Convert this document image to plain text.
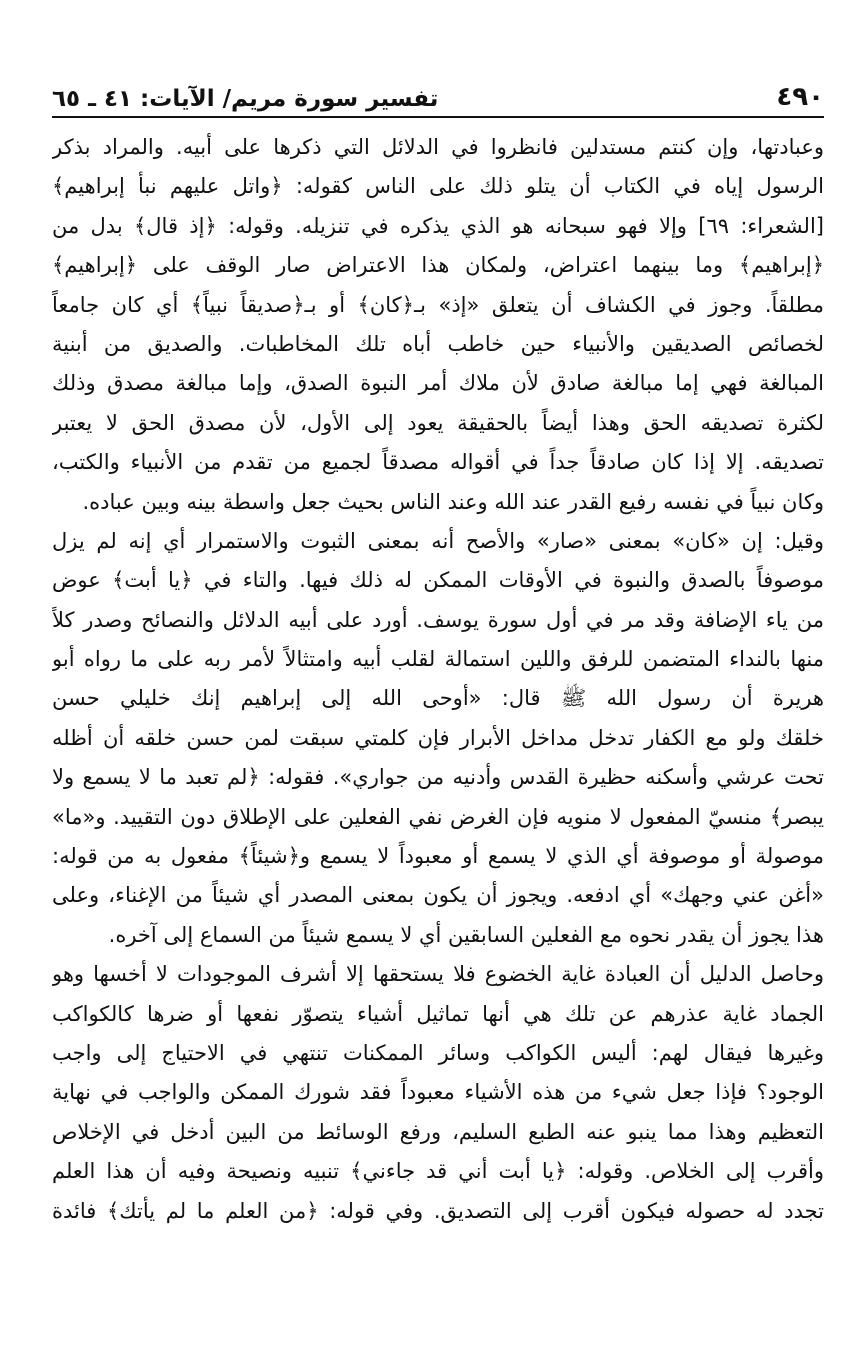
٤٩٠
تفسير سورة مريم/ الآيات: ٤١ ـ ٦٥
وعبادتها، وإن كنتم مستدلين فانظروا في الدلائل التي ذكرها على أبيه. والمراد بذكر
الرسول إياه في الكتاب أن يتلو ذلك على الناس كقوله: ﴿واتل عليهم نبأ إبراهيم﴾
[الشعراء: ٦٩] وإلا فهو سبحانه هو الذي يذكره في تنزيله. وقوله: ﴿إذ قال﴾ بدل من
﴿إبراهيم﴾ وما بينهما اعتراض، ولمكان هذا الاعتراض صار الوقف على ﴿إبراهيم﴾
مطلقاً. وجوز في الكشاف أن يتعلق «إذ» بـ﴿كان﴾ أو بـ﴿صديقاً نبياً﴾ أي كان جامعاً
لخصائص الصديقين والأنبياء حين خاطب أباه تلك المخاطبات. والصديق من أبنية
المبالغة فهي إما مبالغة صادق لأن ملاك أمر النبوة الصدق، وإما مبالغة مصدق وذلك
لكثرة تصديقه الحق وهذا أيضاً بالحقيقة يعود إلى الأول، لأن مصدق الحق لا يعتبر
تصديقه. إلا إذا كان صادقاً جداً في أقواله مصدقاً لجميع من تقدم من الأنبياء والكتب،
وكان نبياً في نفسه رفيع القدر عند الله وعند الناس بحيث جعل واسطة بينه وبين عباده.
وقيل: إن «كان» بمعنى «صار» والأصح أنه بمعنى الثبوت والاستمرار أي إنه لم يزل
موصوفاً بالصدق والنبوة في الأوقات الممكن له ذلك فيها. والتاء في ﴿يا أبت﴾ عوض
من ياء الإضافة وقد مر في أول سورة يوسف. أورد على أبيه الدلائل والنصائح وصدر كلاً
منها بالنداء المتضمن للرفق واللين استمالة لقلب أبيه وامتثالاً لأمر ربه على ما رواه أبو
هريرة أن رسول الله ﷺ قال: «أوحى الله إلى إبراهيم إنك خليلي حسن
خلقك ولو مع الكفار تدخل مداخل الأبرار فإن كلمتي سبقت لمن حسن خلقه أن أظله
تحت عرشي وأسكنه حظيرة القدس وأدنيه من جواري». فقوله: ﴿لم تعبد ما لا يسمع ولا
يبصر﴾ منسيّ المفعول لا منويه فإن الغرض نفي الفعلين على الإطلاق دون التقييد. و«ما»
موصولة أو موصوفة أي الذي لا يسمع أو معبوداً لا يسمع و﴿شيئاً﴾ مفعول به من قوله:
«أغن عني وجهك» أي ادفعه. ويجوز أن يكون بمعنى المصدر أي شيئاً من الإغناء، وعلى
هذا يجوز أن يقدر نحوه مع الفعلين السابقين أي لا يسمع شيئاً من السماع إلى آخره.
وحاصل الدليل أن العبادة غاية الخضوع فلا يستحقها إلا أشرف الموجودات لا أخسها وهو
الجماد غاية عذرهم عن تلك هي أنها تماثيل أشياء يتصوّر نفعها أو ضرها كالكواكب
وغيرها فيقال لهم: أليس الكواكب وسائر الممكنات تنتهي في الاحتياج إلى واجب
الوجود؟ فإذا جعل شيء من هذه الأشياء معبوداً فقد شورك الممكن والواجب في نهاية
التعظيم وهذا مما ينبو عنه الطبع السليم، ورفع الوسائط من البين أدخل في الإخلاص
وأقرب إلى الخلاص. وقوله: ﴿يا أبت أني قد جاءني﴾ تنبيه ونصيحة وفيه أن هذا العلم
تجدد له حصوله فيكون أقرب إلى التصديق. وفي قوله: ﴿من العلم ما لم يأتك﴾ فائدة
